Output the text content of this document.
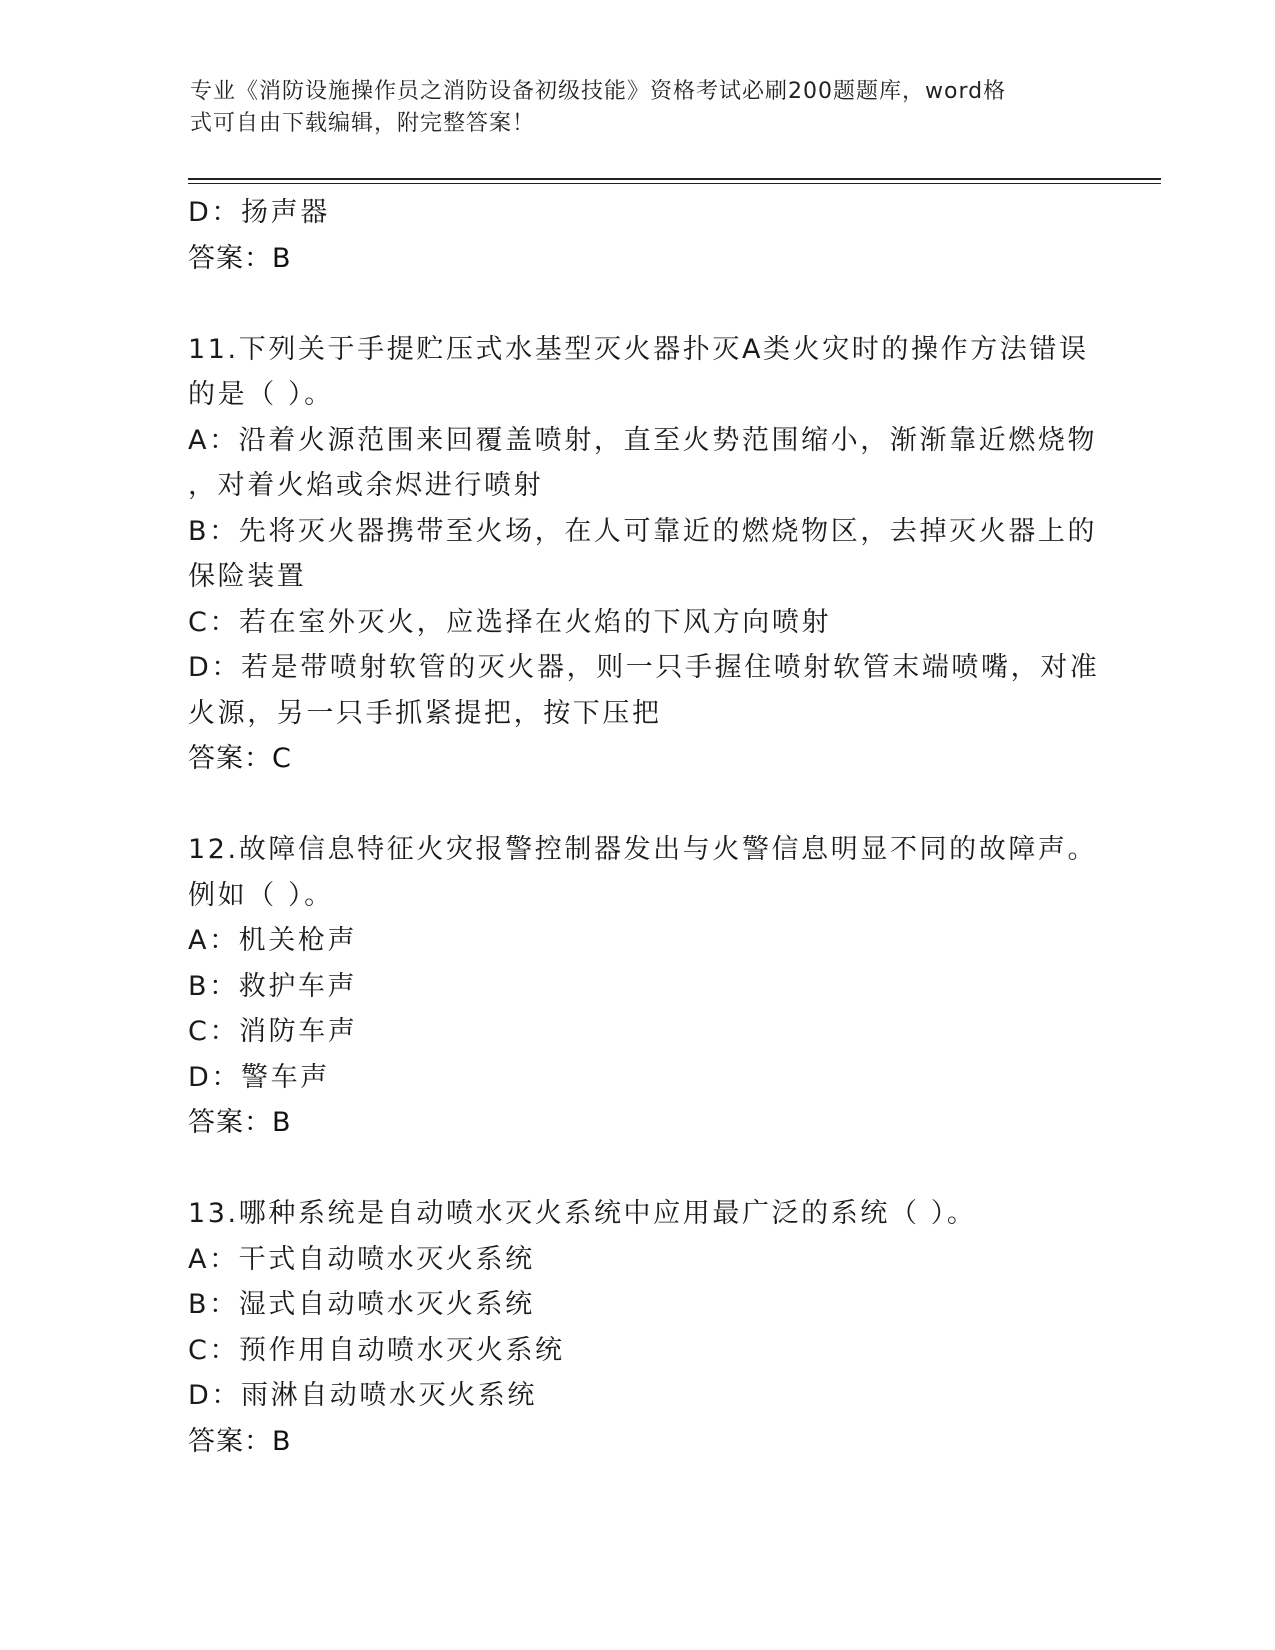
专业《消防设施操作员之消防设备初级技能》资格考试必刷200题题库，word格
式可自由下载编辑，附完整答案！
D：扬声器
答案：B
11.下列关于手提贮压式水基型灭火器扑灭A类火灾时的操作方法错误
的是（ ）。
A：沿着火源范围来回覆盖喷射，直至火势范围缩小，渐渐靠近燃烧物
，对着火焰或余烬进行喷射
B：先将灭火器携带至火场，在人可靠近的燃烧物区，去掉灭火器上的
保险装置
C：若在室外灭火，应选择在火焰的下风方向喷射
D：若是带喷射软管的灭火器，则一只手握住喷射软管末端喷嘴，对准
火源，另一只手抓紧提把，按下压把
答案：C
12.故障信息特征火灾报警控制器发出与火警信息明显不同的故障声。
例如（ ）。
A：机关枪声
B：救护车声
C：消防车声
D：警车声
答案：B
13.哪种系统是自动喷水灭火系统中应用最广泛的系统（ ）。
A：干式自动喷水灭火系统
B：湿式自动喷水灭火系统
C：预作用自动喷水灭火系统
D：雨淋自动喷水灭火系统
答案：B
